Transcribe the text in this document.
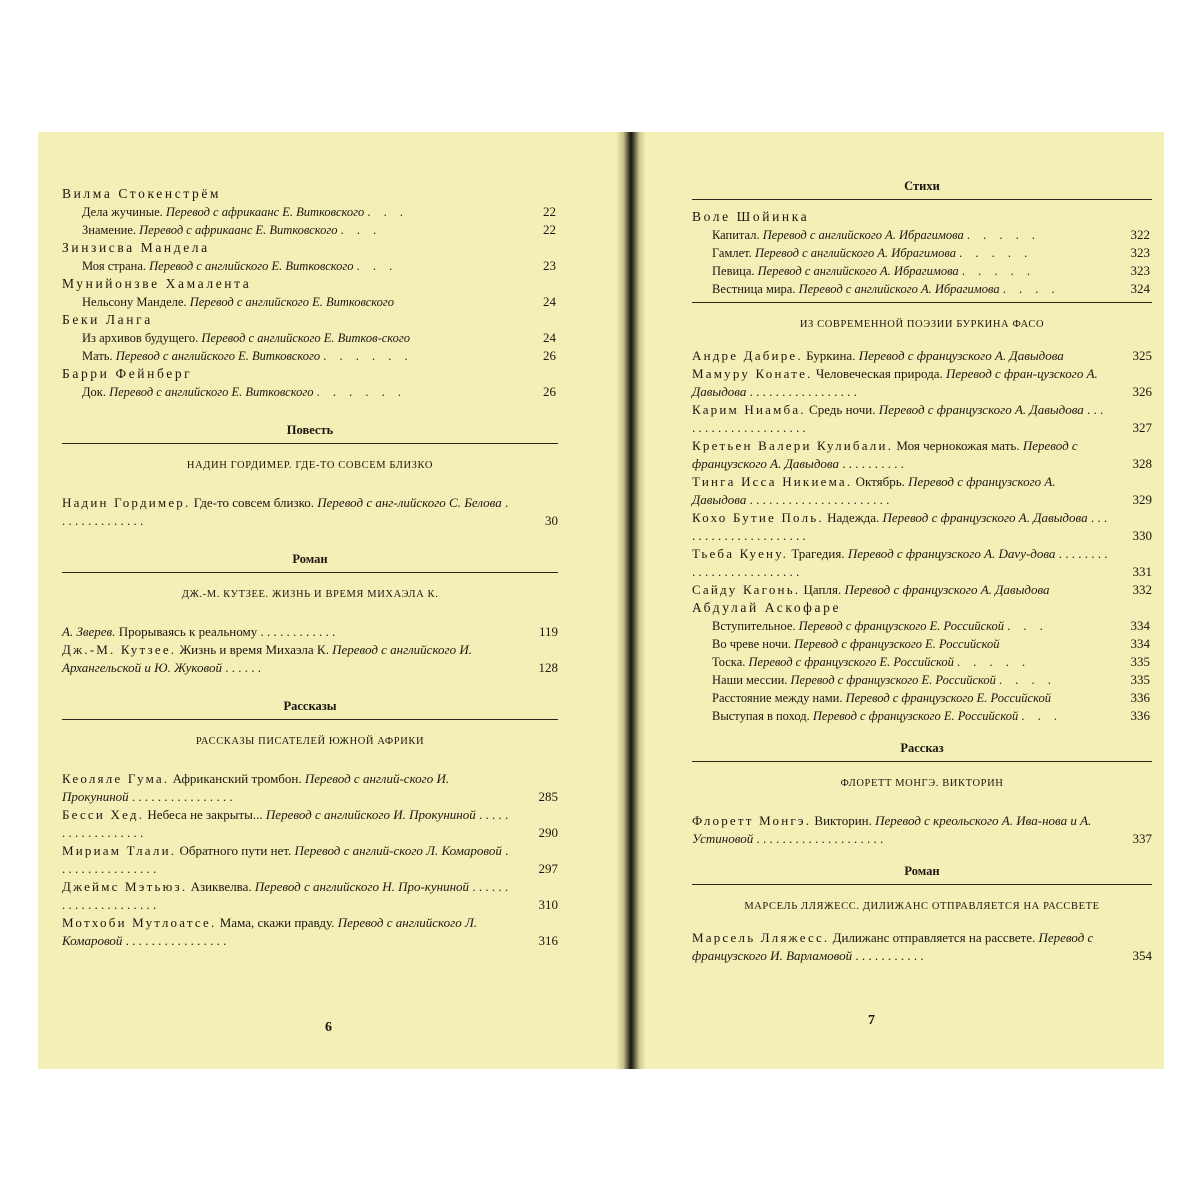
Вилма Стокенстрём
Дела жучиные. Перевод с африкаанс Е. Витковского . . .	22
Знамение. Перевод с африкаанс Е. Витковского . . .	22
Зинзисва Манделa
Моя страна. Перевод с английского Е. Витковского . . .	23
Мунийонзве Хамалента
Нельсону Манделе. Перевод с английского Е. Витковского	24
Беки Ланга
Из архивов будущего. Перевод с английского Е. Витков-ского	24
Мать. Перевод с английского Е. Витковского . . . . . .	26
Барри Фейнберг
Док. Перевод с английского Е. Витковского . . . . . .	26
Повесть
НАДИН ГОРДИМЕР. ГДЕ-ТО СОВСЕМ БЛИЗКО
Надин Гордимер. Где-то совсем близко. Перевод с анг-лийского С. Белова . . . . . . . . . . . . . .	30
Роман
ДЖ.-М. КУТЗЕЕ. ЖИЗНЬ И ВРЕМЯ МИХАЭЛА К.
А. Зверев. Прорываясь к реальному . . . . . . . . . . . .	119
Дж.-М. Кутзее. Жизнь и время Михаэла К. Перевод с английского И. Архангельской и Ю. Жуковой . . . . . .	128
Рассказы
РАССКАЗЫ ПИСАТЕЛЕЙ ЮЖНОЙ АФРИКИ
Кеоляле Гума. Африканский тромбон. Перевод с англий-ского И. Прокуниной . . . . . . . . . . . . . . . .	285
Бесси Хед. Небеса не закрыты... Перевод с английского И. Прокуниной . . . . . . . . . . . . . . . . . .	290
Мириам Тлали. Обратного пути нет. Перевод с англий-ского Л. Комаровой . . . . . . . . . . . . . . . .	297
Джеймс Мэтьюз. Азиквелва. Перевод с английского Н. Про-куниной . . . . . . . . . . . . . . . . . . . . .	310
Мотхоби Мутлоатсе. Мама, скажи правду. Перевод с английского Л. Комаровой . . . . . . . . . . . . . . . .	316
6
Стихи
Воле Шойинка
Капитал. Перевод с английского А. Ибрагимова . . . . .	322
Гамлет. Перевод с английского А. Ибрагимова . . . . .	323
Певица. Перевод с английского А. Ибрагимова . . . . .	323
Вестница мира. Перевод с английского А. Ибрагимова . . . .	324
ИЗ СОВРЕМЕННОЙ ПОЭЗИИ БУРКИНА ФАСО
Андре Дабире. Буркина. Перевод с французского А. Давыдова	325
Мамуру Конате. Человеческая природа. Перевод с фран-цузского А. Давыдова . . . . . . . . . . . . . . . . .	326
Карим Ниамба. Средь ночи. Перевод с французского А. Давыдова . . . . . . . . . . . . . . . . . . . . .	327
Кретьен Валери Кулибали. Моя чернокожая мать. Перевод с французского А. Давыдова . . . . . . . . . .	328
Тинга Исса Никиема. Октябрь. Перевод с французского А. Давыдова . . . . . . . . . . . . . . . . . . . . . .	329
Кохо Бутие Поль. Надежда. Перевод с французского А. Давыдова . . . . . . . . . . . . . . . . . . . . .	330
Тьеба Куену. Трагедия. Перевод с французского А. Davy-дова . . . . . . . . . . . . . . . . . . . . . . . . .	331
Сайду Кагонь. Цапля. Перевод с французского А. Давыдова	332
Абдулай Аскофаре
Вступительное. Перевод с французского Е. Российской . . .	334
Во чреве ночи. Перевод с французского Е. Российской	334
Тоска. Перевод с французского Е. Российской . . . . .	335
Наши мессии. Перевод с французского Е. Российской . . . .	335
Расстояние между нами. Перевод с французского Е. Российской	336
Выступая в поход. Перевод с французского Е. Российской . . .	336
Рассказ
ФЛОРЕТТ МОНГЭ. ВИКТОРИН
Флоретт Монгэ. Викторин. Перевод с креольского А. Ивa-нова и А. Устиновой . . . . . . . . . . . . . . . . . . . .	337
Роман
МАРСЕЛЬ ЛЛЯЖЕСС. ДИЛИЖАНС ОТПРАВЛЯЕТСЯ НА РАССВЕТЕ
Марсель Лляжесс. Дилижанс отправляется на рассвете. Перевод с французского И. Варламовой . . . . . . . . . . .	354
7
